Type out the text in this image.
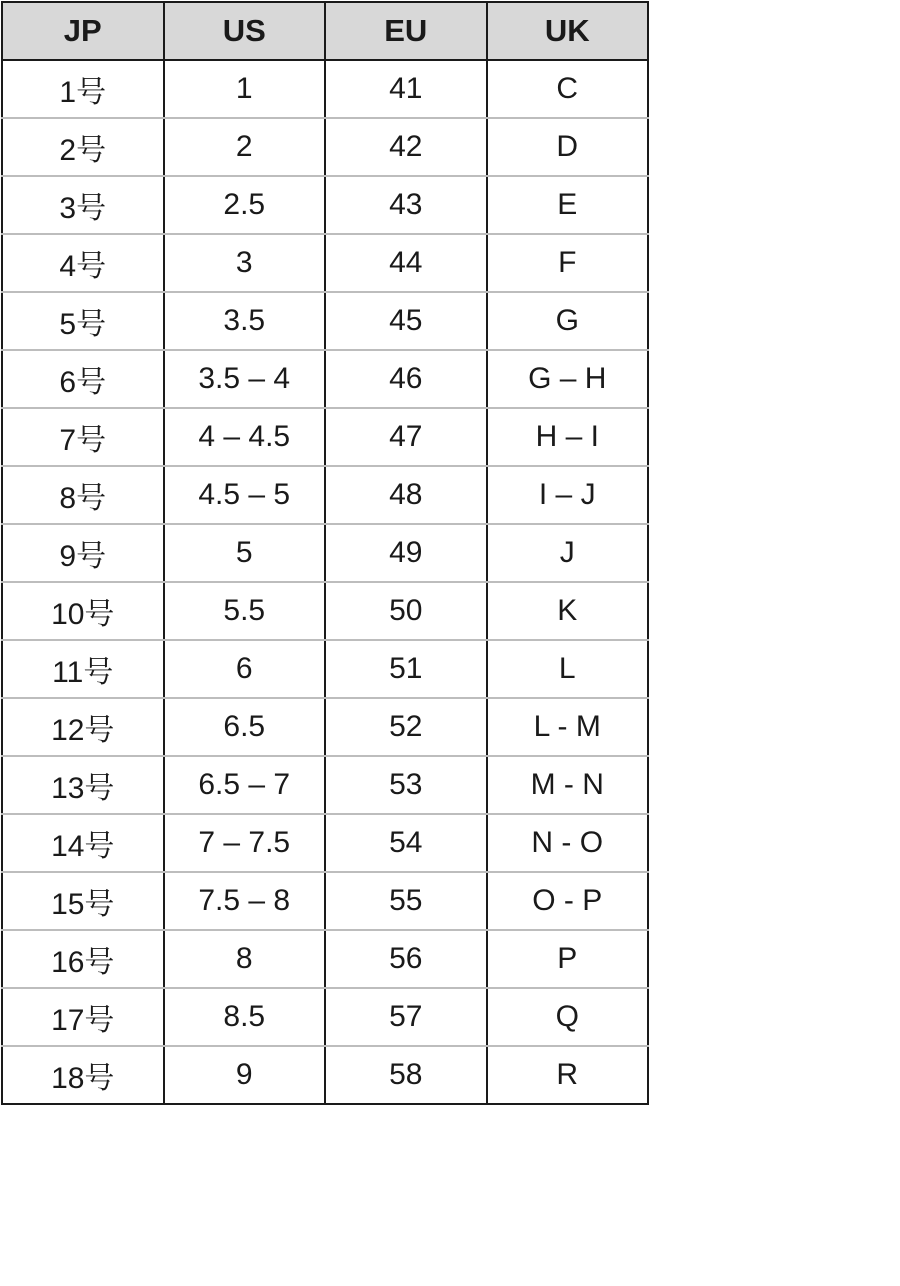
JP	US	EU	UK
1号	1	41	C
2号	2	42	D
3号	2.5	43	E
4号	3	44	F
5号	3.5	45	G
6号	3.5 – 4	46	G – H
7号	4 – 4.5	47	H – I
8号	4.5 – 5	48	I – J
9号	5	49	J
10号	5.5	50	K
11号	6	51	L
12号	6.5	52	L - M
13号	6.5 – 7	53	M - N
14号	7 – 7.5	54	N - O
15号	7.5 – 8	55	O - P
16号	8	56	P
17号	8.5	57	Q
18号	9	58	R
